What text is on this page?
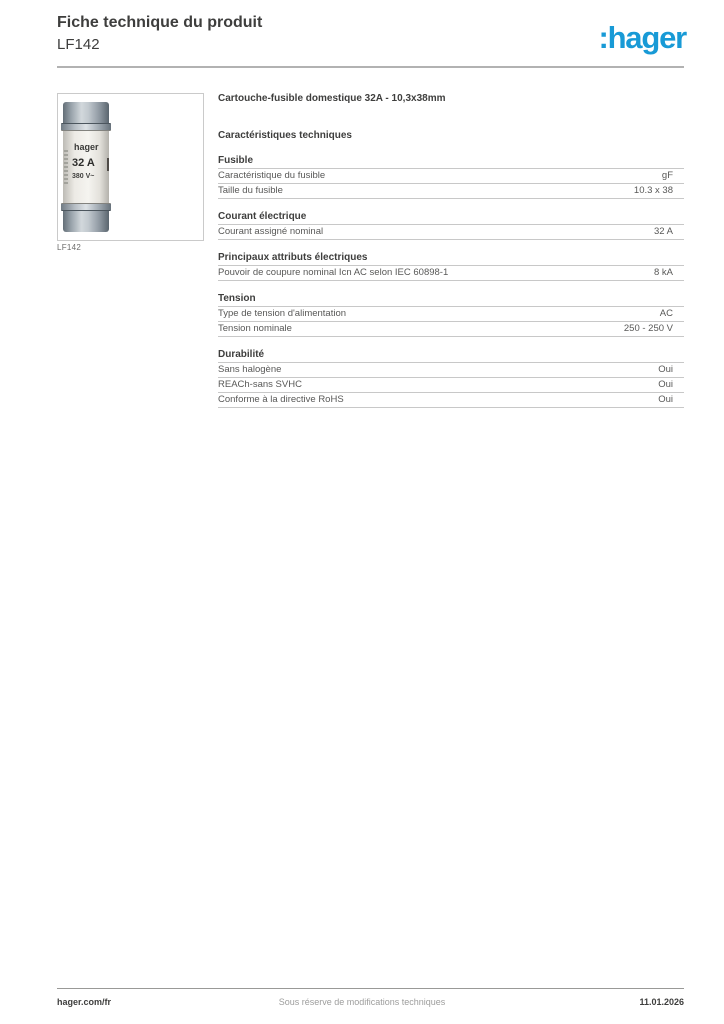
Fiche technique du produit
LF142	:hager
hager
32 A
380 V~
LF142
Cartouche-fusible domestique 32A - 10,3x38mm
Caractéristiques techniques
Fusible
Caractéristique du fusible	gF
Taille du fusible	10.3 x 38
Courant électrique
Courant assigné nominal	32 A
Principaux attributs électriques
Pouvoir de coupure nominal Icn AC selon IEC 60898-1	8 kA
Tension
Type de tension d'alimentation	AC
Tension nominale	250 - 250 V
Durabilité
Sans halogène	Oui
REACh-sans SVHC	Oui
Conforme à la directive RoHS	Oui
hager.com/fr	Sous réserve de modifications techniques	11.01.2026
